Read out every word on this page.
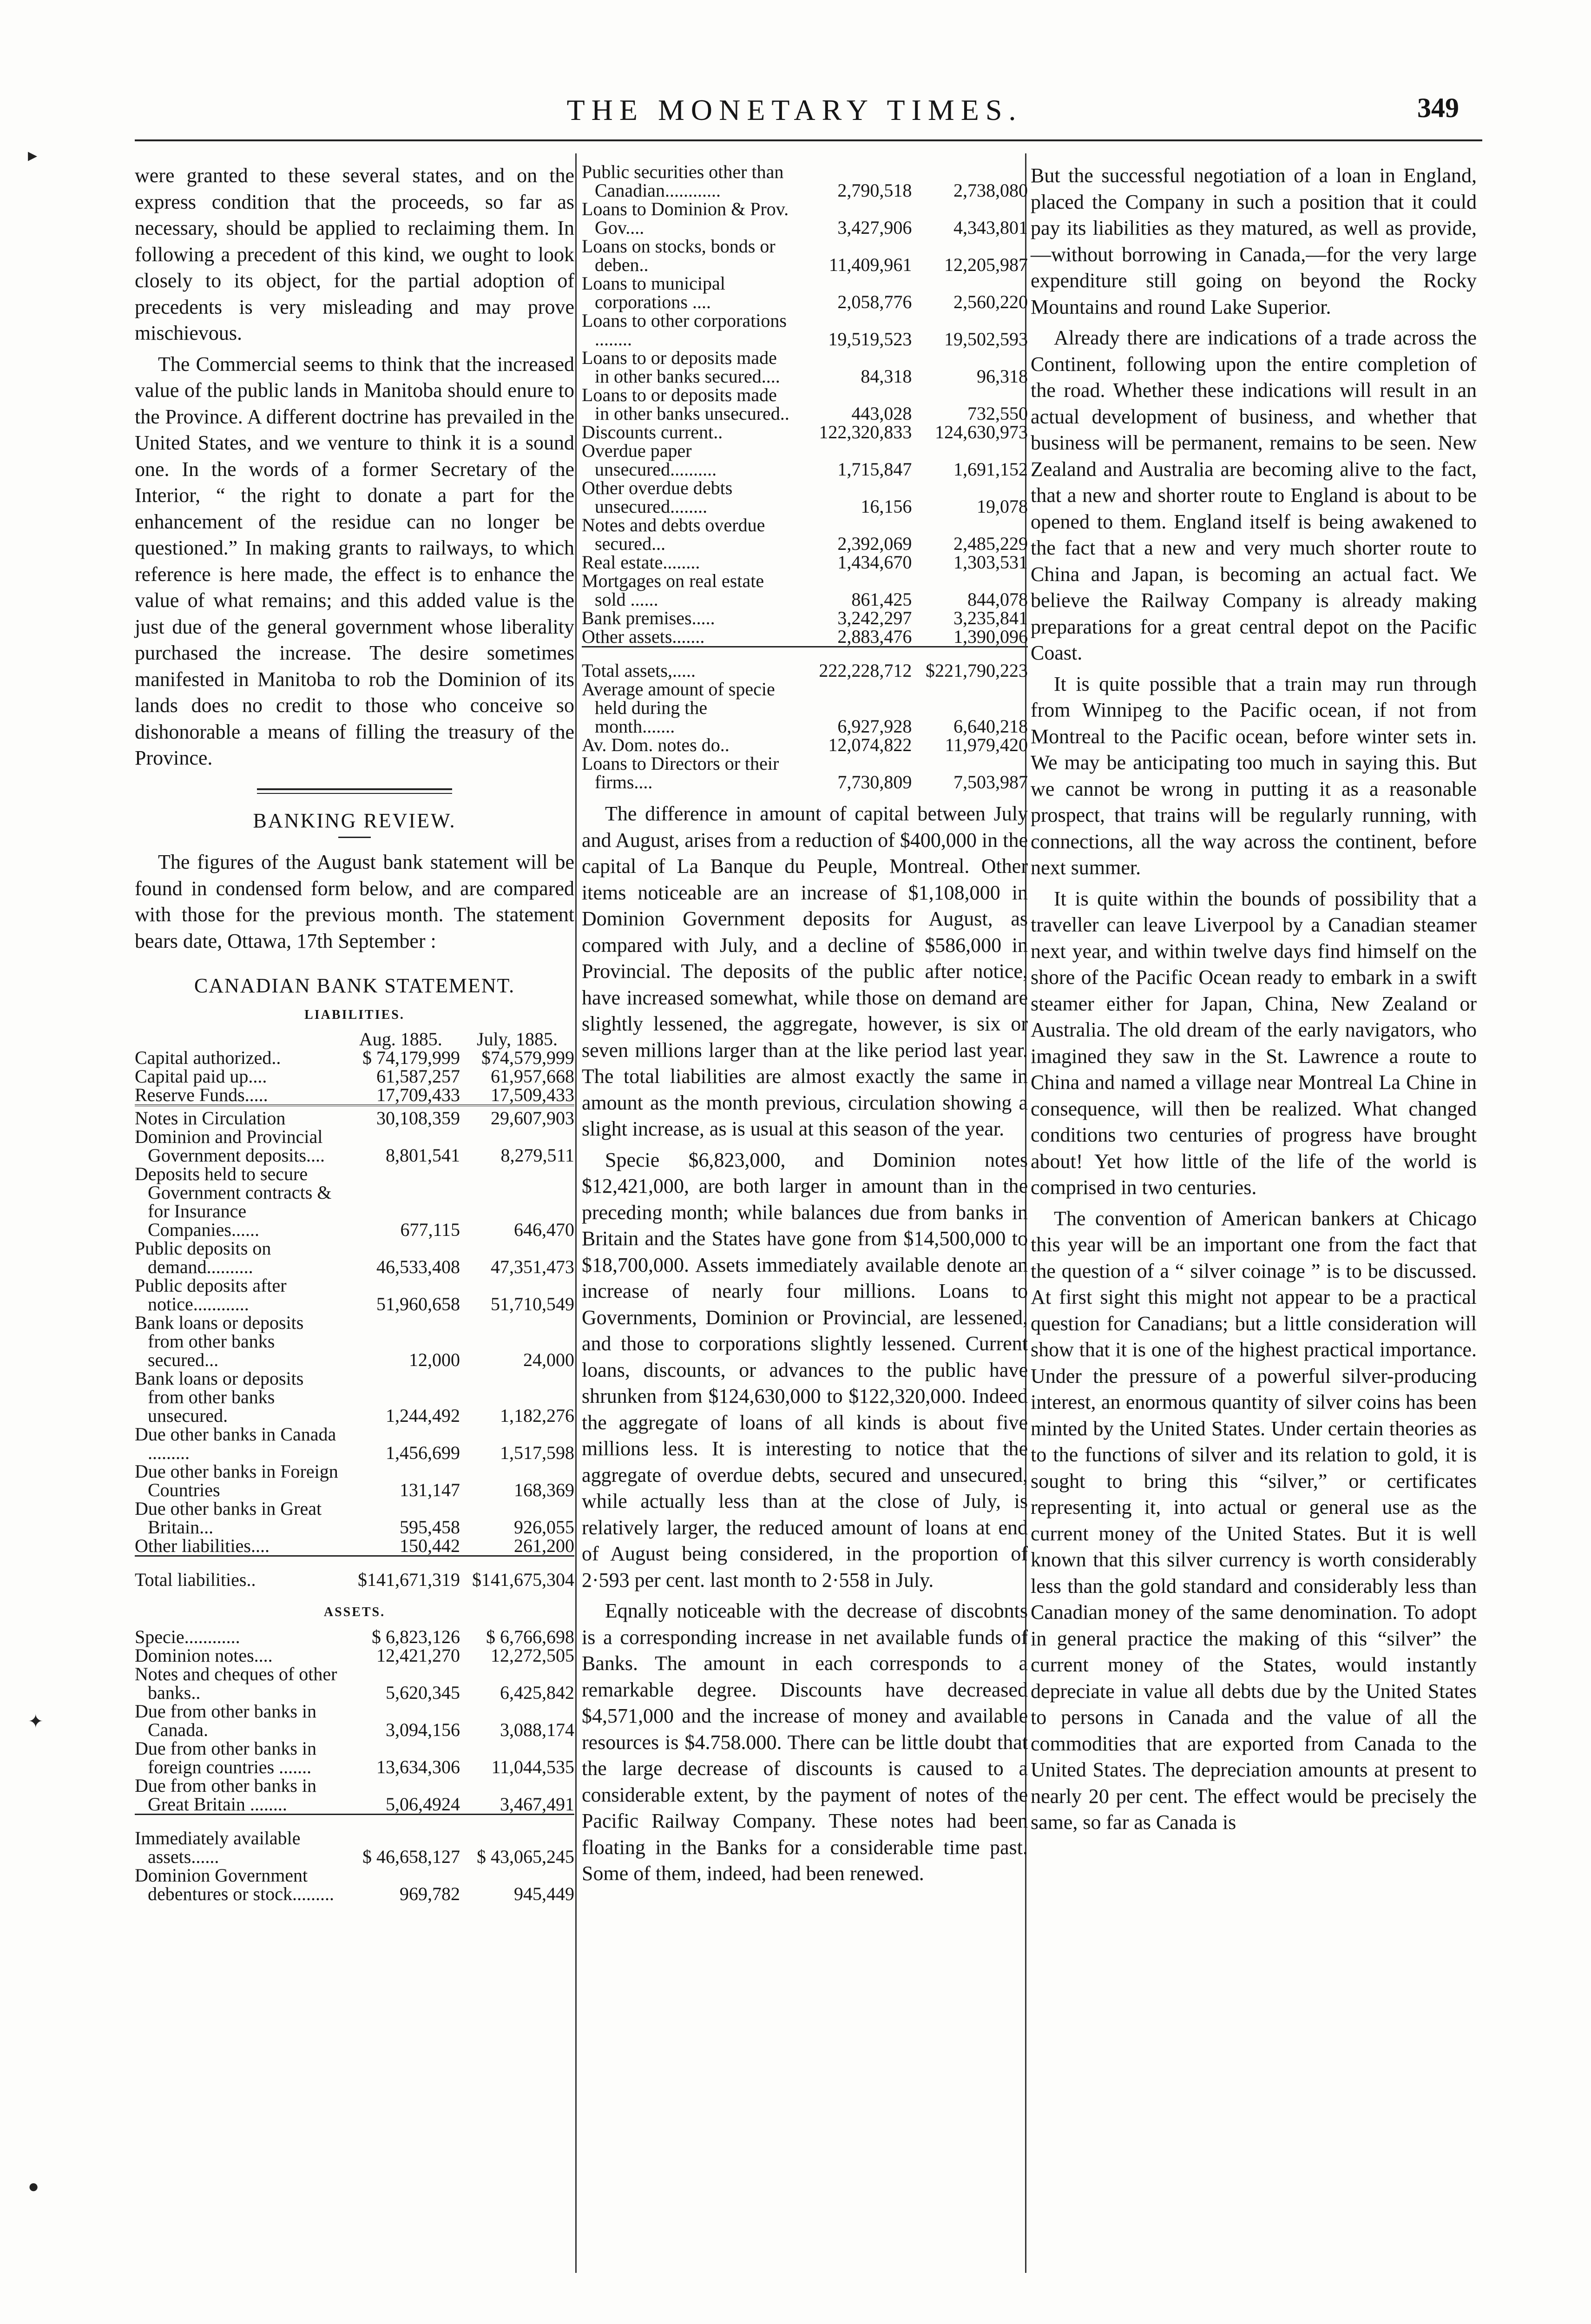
THE MONETARY TIMES.	349
▸
✦
●

were granted to these several states, and on the express condition that the proceeds, so far as necessary, should be applied to reclaiming them. In following a precedent of this kind, we ought to look closely to its object, for the partial adoption of precedents is very misleading and may prove mischievous.

The Commercial seems to think that the increased value of the public lands in Manitoba should enure to the Province. A different doctrine has prevailed in the United States, and we venture to think it is a sound one. In the words of a former Secretary of the Interior, “ the right to donate a part for the enhancement of the residue can no longer be questioned.” In making grants to railways, to which reference is here made, the effect is to enhance the value of what remains; and this added value is the just due of the general government whose liberality purchased the increase. The desire sometimes manifested in Manitoba to rob the Dominion of its lands does no credit to those who conceive so dishonorable a means of filling the treasury of the Province.

BANKING REVIEW.

The figures of the August bank statement will be found in condensed form below, and are compared with those for the previous month. The statement bears date, Ottawa, 17th September :

CANADIAN BANK STATEMENT.
LIABILITIES.
	Aug. 1885.	July, 1885.
Capital authorized..	$ 74,179,999	$74,579,999
Capital paid up....	61,587,257	61,957,668
Reserve Funds.....	17,709,433	17,509,433
Notes in Circulation	30,108,359	29,607,903
Dominion and Provincial Government deposits....	8,801,541	8,279,511
Deposits held to secure Government contracts & for Insurance Companies......	677,115	646,470
Public deposits on demand..........	46,533,408	47,351,473
Public deposits after notice............	51,960,658	51,710,549
Bank loans or deposits from other banks secured...	12,000	24,000
Bank loans or deposits from other banks unsecured.	1,244,492	1,182,276
Due other banks in Canada .........	1,456,699	1,517,598
Due other banks in Foreign Countries	131,147	168,369
Due other banks in Great Britain...	595,458	926,055
Other liabilities....	150,442	261,200
Total liabilities..	$141,671,319	$141,675,304
ASSETS.
Specie............	$ 6,823,126	$ 6,766,698
Dominion notes....	12,421,270	12,272,505
Notes and cheques of other banks..	5,620,345	6,425,842
Due from other banks in Canada.	3,094,156	3,088,174
Due from other banks in foreign countries .......	13,634,306	11,044,535
Due from other banks in Great Britain ........	5,06,4924	3,467,491
Immediately available assets......	$ 46,658,127	$ 43,065,245
Dominion Government debentures or stock.........	969,782	945,449
Public securities other than Canadian............	2,790,518	2,738,080
Loans to Dominion & Prov. Gov....	3,427,906	4,343,801
Loans on stocks, bonds or deben..	11,409,961	12,205,987
Loans to municipal corporations ....	2,058,776	2,560,220
Loans to other corporations ........	19,519,523	19,502,593
Loans to or deposits made in other banks secured....	84,318	96,318
Loans to or deposits made in other banks unsecured..	443,028	732,550
Discounts current..	122,320,833	124,630,973
Overdue paper unsecured..........	1,715,847	1,691,152
Other overdue debts unsecured........	16,156	19,078
Notes and debts overdue secured...	2,392,069	2,485,229
Real estate........	1,434,670	1,303,531
Mortgages on real estate sold ......	861,425	844,078
Bank premises.....	3,242,297	3,235,841
Other assets.......	2,883,476	1,390,096
Total assets,.....	222,228,712	$221,790,223
Average amount of specie held during the month.......	6,927,928	6,640,218
Av. Dom. notes do..	12,074,822	11,979,420
Loans to Directors or their firms....	7,730,809	7,503,987

The difference in amount of capital between July and August, arises from a reduction of $400,000 in the capital of La Banque du Peuple, Montreal. Other items noticeable are an increase of $1,108,000 in Dominion Government deposits for August, as compared with July, and a decline of $586,000 in Provincial. The deposits of the public after notice, have increased somewhat, while those on demand are slightly lessened, the aggregate, however, is six or seven millions larger than at the like period last year. The total liabilities are almost exactly the same in amount as the month previous, circulation showing a slight increase, as is usual at this season of the year.

Specie $6,823,000, and Dominion notes $12,421,000, are both larger in amount than in the preceding month; while balances due from banks in Britain and the States have gone from $14,500,000 to $18,700,000. Assets immediately available denote an increase of nearly four millions. Loans to Governments, Dominion or Provincial, are lessened, and those to corporations slightly lessened. Current loans, discounts, or advances to the public have shrunken from $124,630,000 to $122,320,000. Indeed the aggregate of loans of all kinds is about five millions less. It is interesting to notice that the aggregate of overdue debts, secured and unsecured, while actually less than at the close of July, is relatively larger, the reduced amount of loans at end of August being considered, in the proportion of 2·593 per cent. last month to 2·558 in July.

Eqnally noticeable with the decrease of discobnts is a corresponding increase in net available funds of Banks. The amount in each corresponds to a remarkable degree. Discounts have decreased $4,571,000 and the increase of money and available resources is $4.758.000. There can be little doubt that the large decrease of discounts is caused to a considerable extent, by the payment of notes of the Pacific Railway Company. These notes had been floating in the Banks for a considerable time past. Some of them, indeed, had been renewed.

But the successful negotiation of a loan in England, placed the Company in such a position that it could pay its liabilities as they matured, as well as provide,—without borrowing in Canada,—for the very large expenditure still going on beyond the Rocky Mountains and round Lake Superior.

Already there are indications of a trade across the Continent, following upon the entire completion of the road. Whether these indications will result in an actual development of business, and whether that business will be permanent, remains to be seen. New Zealand and Australia are becoming alive to the fact, that a new and shorter route to England is about to be opened to them. England itself is being awakened to the fact that a new and very much shorter route to China and Japan, is becoming an actual fact. We believe the Railway Company is already making preparations for a great central depot on the Pacific Coast.

It is quite possible that a train may run through from Winnipeg to the Pacific ocean, if not from Montreal to the Pacific ocean, before winter sets in. We may be anticipating too much in saying this. But we cannot be wrong in putting it as a reasonable prospect, that trains will be regularly running, with connections, all the way across the continent, before next summer.

It is quite within the bounds of possibility that a traveller can leave Liverpool by a Canadian steamer next year, and within twelve days find himself on the shore of the Pacific Ocean ready to embark in a swift steamer either for Japan, China, New Zealand or Australia. The old dream of the early navigators, who imagined they saw in the St. Lawrence a route to China and named a village near Montreal La Chine in consequence, will then be realized. What changed conditions two centuries of progress have brought about! Yet how little of the life of the world is comprised in two centuries.

The convention of American bankers at Chicago this year will be an important one from the fact that the question of a “ silver coinage ” is to be discussed. At first sight this might not appear to be a practical question for Canadians; but a little consideration will show that it is one of the highest practical importance. Under the pressure of a powerful silver-producing interest, an enormous quantity of silver coins has been minted by the United States. Under certain theories as to the functions of silver and its relation to gold, it is sought to bring this “silver,” or certificates representing it, into actual or general use as the current money of the United States. But it is well known that this silver currency is worth considerably less than the gold standard and considerably less than Canadian money of the same denomination. To adopt in general practice the making of this “silver” the current money of the States, would instantly depreciate in value all debts due by the United States to persons in Canada and the value of all the commodities that are exported from Canada to the United States. The depreciation amounts at present to nearly 20 per cent. The effect would be precisely the same, so far as Canada is
